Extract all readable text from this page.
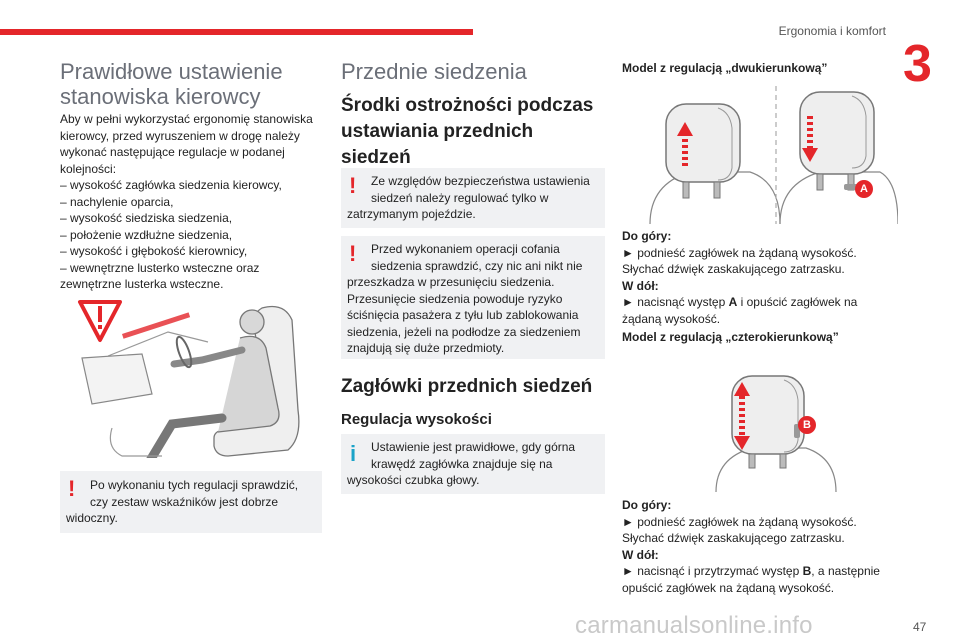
Ergonomia i komfort
3
Prawidłowe ustawienie
stanowiska kierowcy
Aby w pełni wykorzystać ergonomię stanowiska
kierowcy, przed wyruszeniem w drogę należy
wykonać następujące regulacje w podanej
kolejności:
– wysokość zagłówka siedzenia kierowcy,
– nachylenie oparcia,
– wysokość siedziska siedzenia,
– położenie wzdłużne siedzenia,
– wysokość i głębokość kierownicy,
– wewnętrzne lusterko wsteczne oraz
zewnętrzne lusterka wsteczne.
!	Po wykonaniu tych regulacji sprawdzić,
czy zestaw wskaźników jest dobrze
widoczny.
Przednie siedzenia
Środki ostrożności podczas
ustawiania przednich
siedzeń
!	Ze względów bezpieczeństwa ustawienia
siedzeń należy regulować tylko w
zatrzymanym pojeździe.
!	Przed wykonaniem operacji cofania
siedzenia sprawdzić, czy nic ani nikt nie
przeszkadza w przesunięciu siedzenia.
Przesunięcie siedzenia powoduje ryzyko
ściśnięcia pasażera z tyłu lub zablokowania
siedzenia, jeżeli na podłodze za siedzeniem
znajdują się duże przedmioty.
Zagłówki przednich siedzeń
Regulacja wysokości
i	Ustawienie jest prawidłowe, gdy górna
krawędź zagłówka znajduje się na
wysokości czubka głowy.
Model z regulacją „dwukierunkową”
A
Do góry:
► podnieść zagłówek na żądaną wysokość.
Słychać dźwięk zaskakującego zatrzasku.
W dół:
► nacisnąć występ A i opuścić zagłówek na
żądaną wysokość.
Model z regulacją „czterokierunkową”
B
Do góry:
► podnieść zagłówek na żądaną wysokość.
Słychać dźwięk zaskakującego zatrzasku.
W dół:
► nacisnąć i przytrzymać występ B, a następnie
opuścić zagłówek na żądaną wysokość.
carmanualsonline.info	47
